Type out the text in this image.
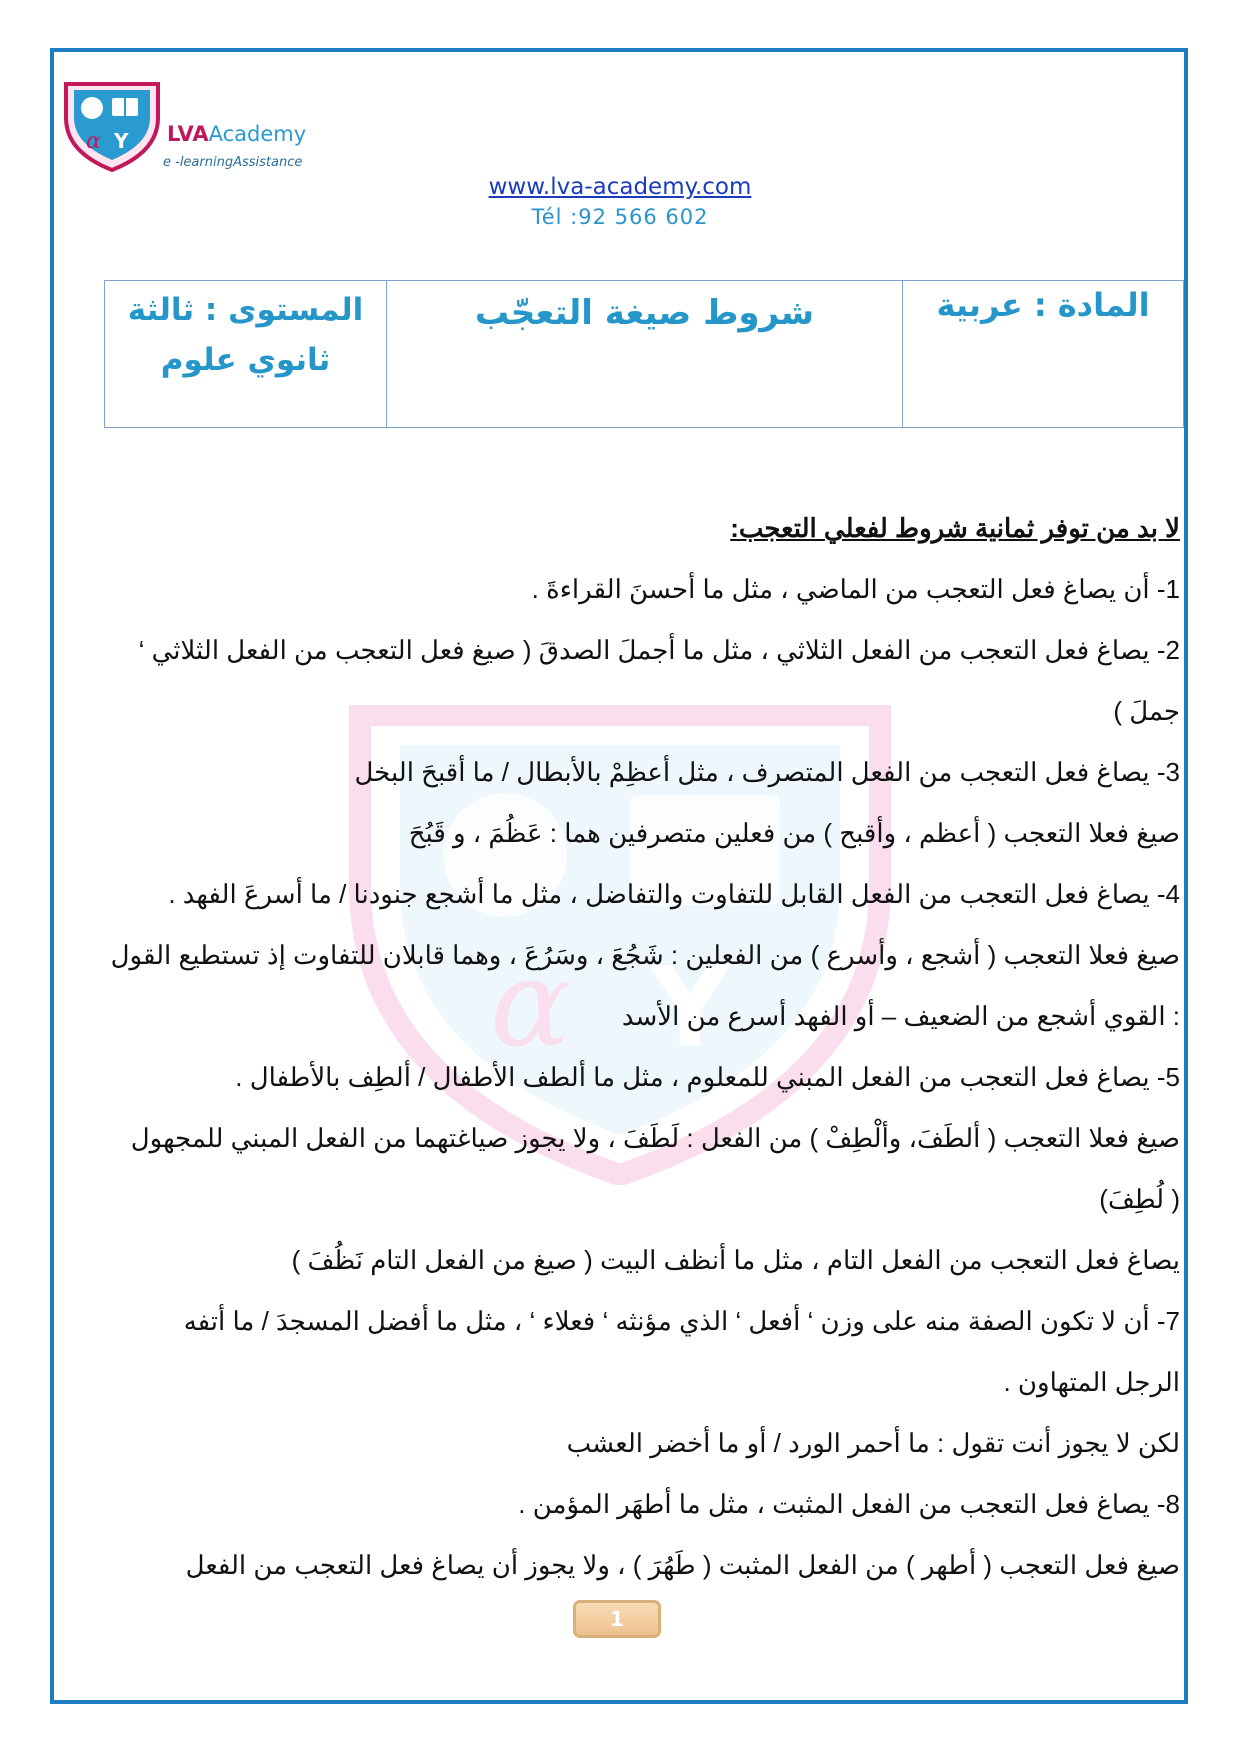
α Y LVAAcademy
e -learningAssistance
www.lva-academy.com
Tél :92 566 602
المستوى : ثالثة ثانوي علوم
شروط صيغة التعجّب	المادة : عربية
α Y

لا بد من توفر ثمانية شروط لفعلي التعجب:

1- أن يصاغ فعل التعجب من الماضي ، مثل ما أحسنَ القراءةَ .

2- يصاغ فعل التعجب من الفعل الثلاثي ، مثل ما أجملَ الصدقَ ( صيغ فعل التعجب من الفعل الثلاثي ‘

جملَ )

3- يصاغ فعل التعجب من الفعل المتصرف ، مثل أعظِمْ بالأبطال / ما أقبحَ البخل

صيغ فعلا التعجب ( أعظم ، وأقبح ) من فعلين متصرفين هما : عَظُمَ ، و قَبُحَ

4- يصاغ فعل التعجب من الفعل القابل للتفاوت والتفاضل ، مثل ما أشجع جنودنا / ما أسرعَ الفهد .

صيغ فعلا التعجب ( أشجع ، وأسرع ) من الفعلين : شَجُعَ ، وسَرُعَ ، وهما قابلان للتفاوت إذ تستطيع القول

: القوي أشجع من الضعيف – أو الفهد أسرع من الأسد

5- يصاغ فعل التعجب من الفعل المبني للمعلوم ، مثل ما ألطف الأطفال / ألطِف بالأطفال .

صيغ فعلا التعجب ( ألطَفَ، وألْطِفْ ) من الفعل : لَطَفَ ، ولا يجوز صياغتهما من الفعل المبني للمجهول

( لُطِفَ)

يصاغ فعل التعجب من الفعل التام ، مثل ما أنظف البيت ( صيغ من الفعل التام نَظُفَ )

7- أن لا تكون الصفة منه على وزن ‘ أفعل ‘ الذي مؤنثه ‘ فعلاء ‘ ، مثل ما أفضل المسجدَ / ما أتفه

الرجل المتهاون .

لكن لا يجوز أنت تقول : ما أحمر الورد / أو ما أخضر العشب

8- يصاغ فعل التعجب من الفعل المثبت ، مثل ما أطهَر المؤمن .

صيغ فعل التعجب ( أطهر ) من الفعل المثبت ( طَهُرَ ) ، ولا يجوز أن يصاغ فعل التعجب من الفعل

1
